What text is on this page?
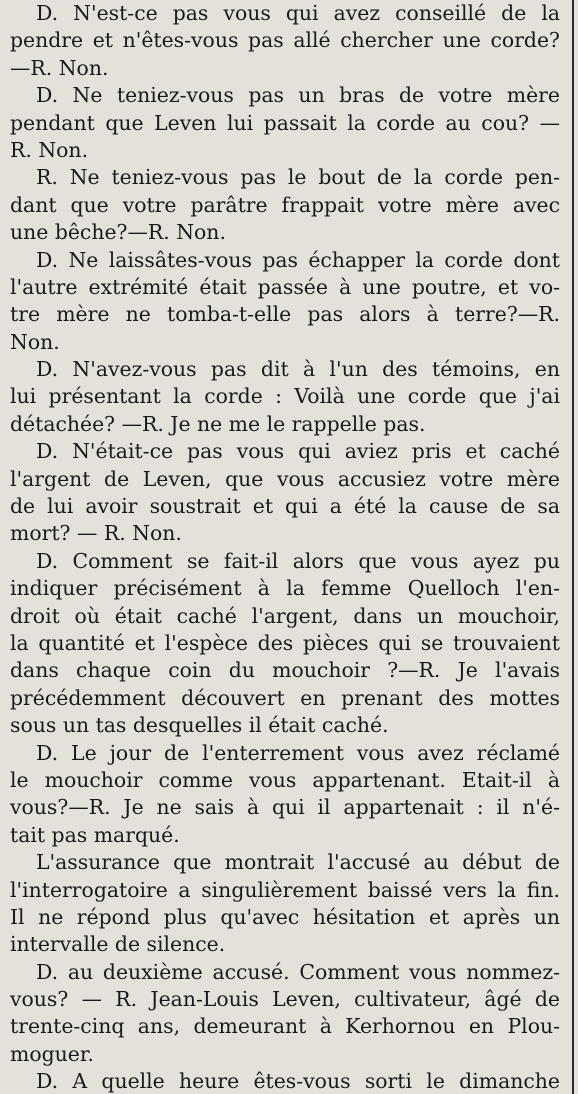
D. N'est-ce pas vous qui avez conseillé de la
pendre et n'êtes-vous pas allé chercher une corde?
—R. Non.
D. Ne teniez-vous pas un bras de votre mère
pendant que Leven lui passait la corde au cou? —
R. Non.
R. Ne teniez-vous pas le bout de la corde pen-
dant que votre parâtre frappait votre mère avec
une bêche?—R. Non.
D. Ne laissâtes-vous pas échapper la corde dont
l'autre extrémité était passée à une poutre, et vo-
tre mère ne tomba-t-elle pas alors à terre?—R.
Non.
D. N'avez-vous pas dit à l'un des témoins, en
lui présentant la corde : Voilà une corde que j'ai
détachée? —R. Je ne me le rappelle pas.
D. N'était-ce pas vous qui aviez pris et caché
l'argent de Leven, que vous accusiez votre mère
de lui avoir soustrait et qui a été la cause de sa
mort? — R. Non.
D. Comment se fait-il alors que vous ayez pu
indiquer précisément à la femme Quelloch l'en-
droit où était caché l'argent, dans un mouchoir,
la quantité et l'espèce des pièces qui se trouvaient
dans chaque coin du mouchoir ?—R. Je l'avais
précédemment découvert en prenant des mottes
sous un tas desquelles il était caché.
D. Le jour de l'enterrement vous avez réclamé
le mouchoir comme vous appartenant. Etait-il à
vous?—R. Je ne sais à qui il appartenait : il n'é-
tait pas marqué.
L'assurance que montrait l'accusé au début de
l'interrogatoire a singulièrement baissé vers la fin.
Il ne répond plus qu'avec hésitation et après un
intervalle de silence.
D. au deuxième accusé. Comment vous nommez-
vous? — R. Jean-Louis Leven, cultivateur, âgé de
trente-cinq ans, demeurant à Kerhornou en Plou-
moguer.
D. A quelle heure êtes-vous sorti le dimanche
